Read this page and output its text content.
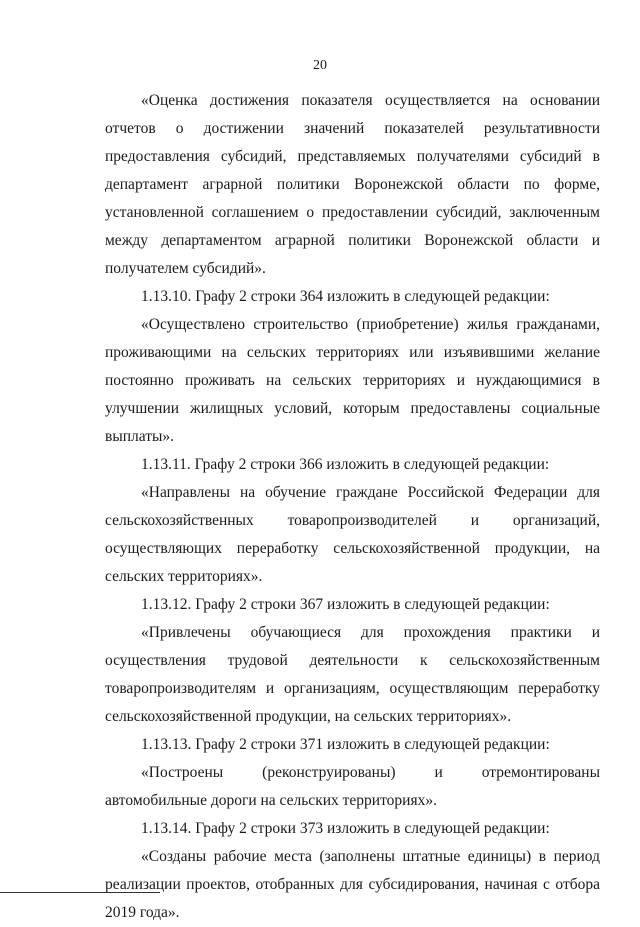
20

«Оценка достижения показателя осуществляется на основании отчетов о достижении значений показателей результативности предоставления субсидий, представляемых получателями субсидий в департамент аграрной политики Воронежской области по форме, установленной соглашением о предоставлении субсидий, заключенным между департаментом аграрной политики Воронежской области и получателем субсидий».

1.13.10. Графу 2 строки 364 изложить в следующей редакции:

«Осуществлено строительство (приобретение) жилья гражданами, проживающими на сельских территориях или изъявившими желание постоянно проживать на сельских территориях и нуждающимися в улучшении жилищных условий, которым предоставлены социальные выплаты».

1.13.11. Графу 2 строки 366 изложить в следующей редакции:

«Направлены на обучение граждане Российской Федерации для сельскохозяйственных товаропроизводителей и организаций, осуществляющих переработку сельскохозяйственной продукции, на сельских территориях».

1.13.12. Графу 2 строки 367 изложить в следующей редакции:

«Привлечены обучающиеся для прохождения практики и осуществления трудовой деятельности к сельскохозяйственным товаропроизводителям и организациям, осуществляющим переработку сельскохозяйственной продукции, на сельских территориях».

1.13.13. Графу 2 строки 371 изложить в следующей редакции:

«Построены (реконструированы) и отремонтированы автомобильные дороги на сельских территориях».

1.13.14. Графу 2 строки 373 изложить в следующей редакции:

«Созданы рабочие места (заполнены штатные единицы) в период реализации проектов, отобранных для субсидирования, начиная с отбора 2019 года».
